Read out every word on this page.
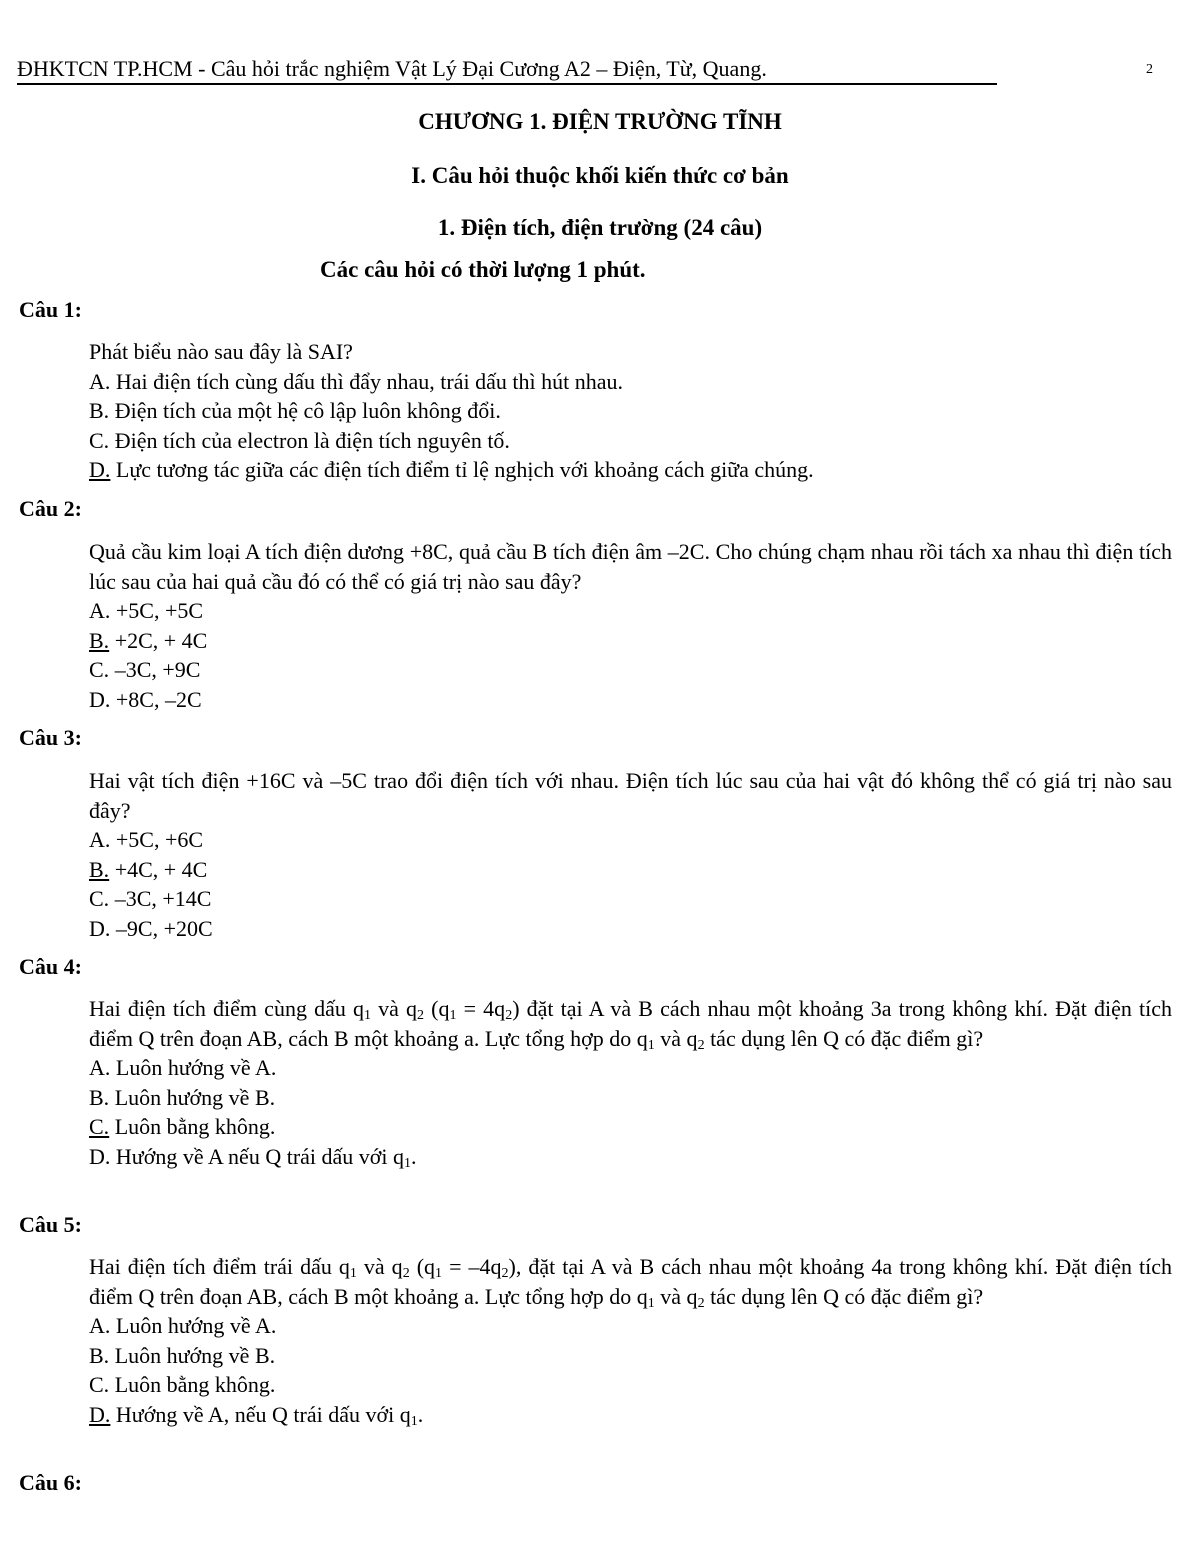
ĐHKTCN TP.HCM - Câu hỏi trắc nghiệm Vật Lý Đại Cương A2 – Điện, Từ, Quang.	2
CHƯƠNG 1. ĐIỆN TRƯỜNG TĨNH
I. Câu hỏi thuộc khối kiến thức cơ bản
1. Điện tích, điện trường (24 câu)
Các câu hỏi có thời lượng 1 phút.
Câu 1:

Phát biểu nào sau đây là SAI?

A. Hai điện tích cùng dấu thì đẩy nhau, trái dấu thì hút nhau.
B. Điện tích của một hệ cô lập luôn không đổi.
C. Điện tích của electron là điện tích nguyên tố.
D. Lực tương tác giữa các điện tích điểm tỉ lệ nghịch với khoảng cách giữa chúng.
Câu 2:

Quả cầu kim loại A tích điện dương +8C, quả cầu B tích điện âm –2C. Cho chúng chạm nhau rồi tách xa nhau thì điện tích lúc sau của hai quả cầu đó có thể có giá trị nào sau đây?

A. +5C, +5C
B. +2C, + 4C
C. –3C, +9C
D. +8C, –2C
Câu 3:

Hai vật tích điện +16C và –5C trao đổi điện tích với nhau. Điện tích lúc sau của hai vật đó không thể có giá trị nào sau đây?

A. +5C, +6C
B. +4C, + 4C
C. –3C, +14C
D. –9C, +20C
Câu 4:

Hai điện tích điểm cùng dấu $q_1$ và $q_2$ $(q_1 = 4q_2)$ đặt tại A và B cách nhau một khoảng 3a trong không khí. Đặt điện tích điểm Q trên đoạn AB, cách B một khoảng a. Lực tổng hợp do $q_1$ và $q_2$ tác dụng lên Q có đặc điểm gì?

A. Luôn hướng về A.
B. Luôn hướng về B.
C. Luôn bằng không.
D. Hướng về A nếu Q trái dấu với $q_1$.
Câu 5:

Hai điện tích điểm trái dấu $q_1$ và $q_2$ $(q_1 = -4q_2)$, đặt tại A và B cách nhau một khoảng 4a trong không khí. Đặt điện tích điểm Q trên đoạn AB, cách B một khoảng a. Lực tổng hợp do $q_1$ và $q_2$ tác dụng lên Q có đặc điểm gì?

A. Luôn hướng về A.
B. Luôn hướng về B.
C. Luôn bằng không.
D. Hướng về A, nếu Q trái dấu với $q_1$.
Câu 6:
